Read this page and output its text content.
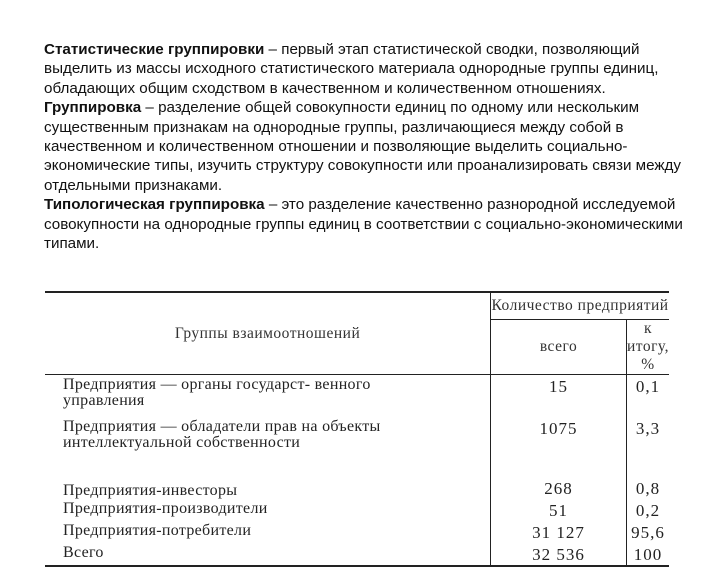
Статистические группировки – первый этап статистической сводки, позволяющий выделить из массы исходного статистического материала однородные группы единиц, обладающих общим сходством в качественном и количественном отношениях.

Группировка – разделение общей совокупности единиц по одному или нескольким существенным признакам на однородные группы, различающиеся между собой в качественном и количественном отношении и позволяющие выделить социально-экономические типы, изучить структуру совокупности или проанализировать связи между отдельными признаками.

Типологическая группировка – это разделение качественно разнородной исследуемой совокупности на однородные группы единиц в соответствии с социально-экономическими типами.

Группы взаимоотношений	Количество предприятий	
	всего	к итогу, %
Предприятия — органы государст- венного управления	15	0,1
Предприятия — обладатели прав на объекты интеллектуальной собственности	1075	3,3
Предприятия-инвесторы	268	0,8
Предприятия-производители	51	0,2
Предприятия-потребители	31 127	95,6
Всего	32 536	100
